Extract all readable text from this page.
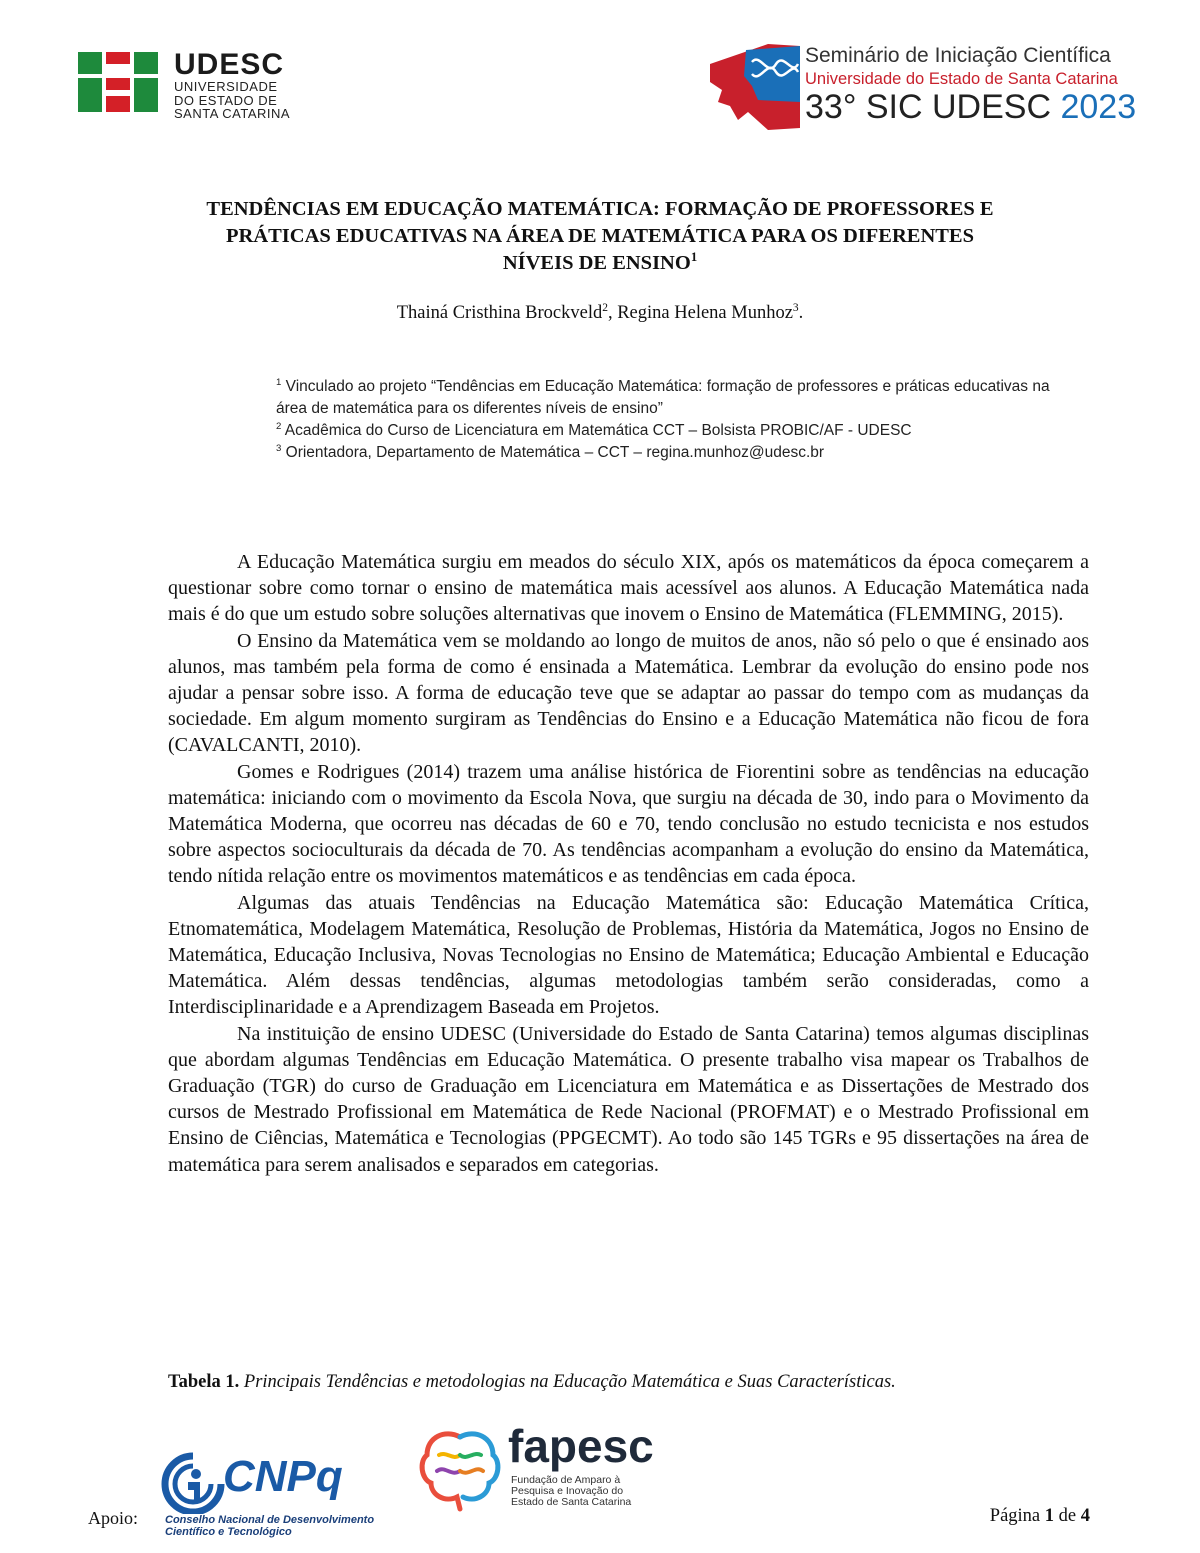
UDESC
UNIVERSIDADE
DO ESTADO DE
SANTA CATARINA
Seminário de Iniciação Científica
Universidade do Estado de Santa Catarina
33° SIC UDESC 2023
TENDÊNCIAS EM EDUCAÇÃO MATEMÁTICA: FORMAÇÃO DE PROFESSORES E
PRÁTICAS EDUCATIVAS NA ÁREA DE MATEMÁTICA PARA OS DIFERENTES
NÍVEIS DE ENSINO$^1$
Thainá Cristhina Brockveld$^2$, Regina Helena Munhoz$^3$.
$^1$ Vinculado ao projeto “Tendências em Educação Matemática: formação de professores e práticas educativas na área de matemática para os diferentes níveis de ensino”
$^2$ Acadêmica do Curso de Licenciatura em Matemática CCT – Bolsista PROBIC/AF - UDESC
$^3$ Orientadora, Departamento de Matemática – CCT – regina.munhoz@udesc.br

A Educação Matemática surgiu em meados do século XIX, após os matemáticos da época começarem a questionar sobre como tornar o ensino de matemática mais acessível aos alunos. A Educação Matemática nada mais é do que um estudo sobre soluções alternativas que inovem o Ensino de Matemática (FLEMMING, 2015).

O Ensino da Matemática vem se moldando ao longo de muitos de anos, não só pelo o que é ensinado aos alunos, mas também pela forma de como é ensinada a Matemática. Lembrar da evolução do ensino pode nos ajudar a pensar sobre isso. A forma de educação teve que se adaptar ao passar do tempo com as mudanças da sociedade. Em algum momento surgiram as Tendências do Ensino e a Educação Matemática não ficou de fora (CAVALCANTI, 2010).

Gomes e Rodrigues (2014) trazem uma análise histórica de Fiorentini sobre as tendências na educação matemática: iniciando com o movimento da Escola Nova, que surgiu na década de 30, indo para o Movimento da Matemática Moderna, que ocorreu nas décadas de 60 e 70, tendo conclusão no estudo tecnicista e nos estudos sobre aspectos socioculturais da década de 70. As tendências acompanham a evolução do ensino da Matemática, tendo nítida relação entre os movimentos matemáticos e as tendências em cada época.

Algumas das atuais Tendências na Educação Matemática são: Educação Matemática Crítica, Etnomatemática, Modelagem Matemática, Resolução de Problemas, História da Matemática, Jogos no Ensino de Matemática, Educação Inclusiva, Novas Tecnologias no Ensino de Matemática; Educação Ambiental e Educação Matemática. Além dessas tendências, algumas metodologias também serão consideradas, como a Interdisciplinaridade e a Aprendizagem Baseada em Projetos.

Na instituição de ensino UDESC (Universidade do Estado de Santa Catarina) temos algumas disciplinas que abordam algumas Tendências em Educação Matemática. O presente trabalho visa mapear os Trabalhos de Graduação (TGR) do curso de Graduação em Licenciatura em Matemática e as Dissertações de Mestrado dos cursos de Mestrado Profissional em Matemática de Rede Nacional (PROFMAT) e o Mestrado Profissional em Ensino de Ciências, Matemática e Tecnologias (PPGECMT). Ao todo são 145 TGRs e 95 dissertações na área de matemática para serem analisados e separados em categorias.

Tabela 1. Principais Tendências e metodologias na Educação Matemática e Suas Características.
Apoio:
CNPq
Conselho Nacional de Desenvolvimento
Científico e Tecnológico
fapesc
Fundação de Amparo à
Pesquisa e Inovação do
Estado de Santa Catarina
Página 1 de 4
